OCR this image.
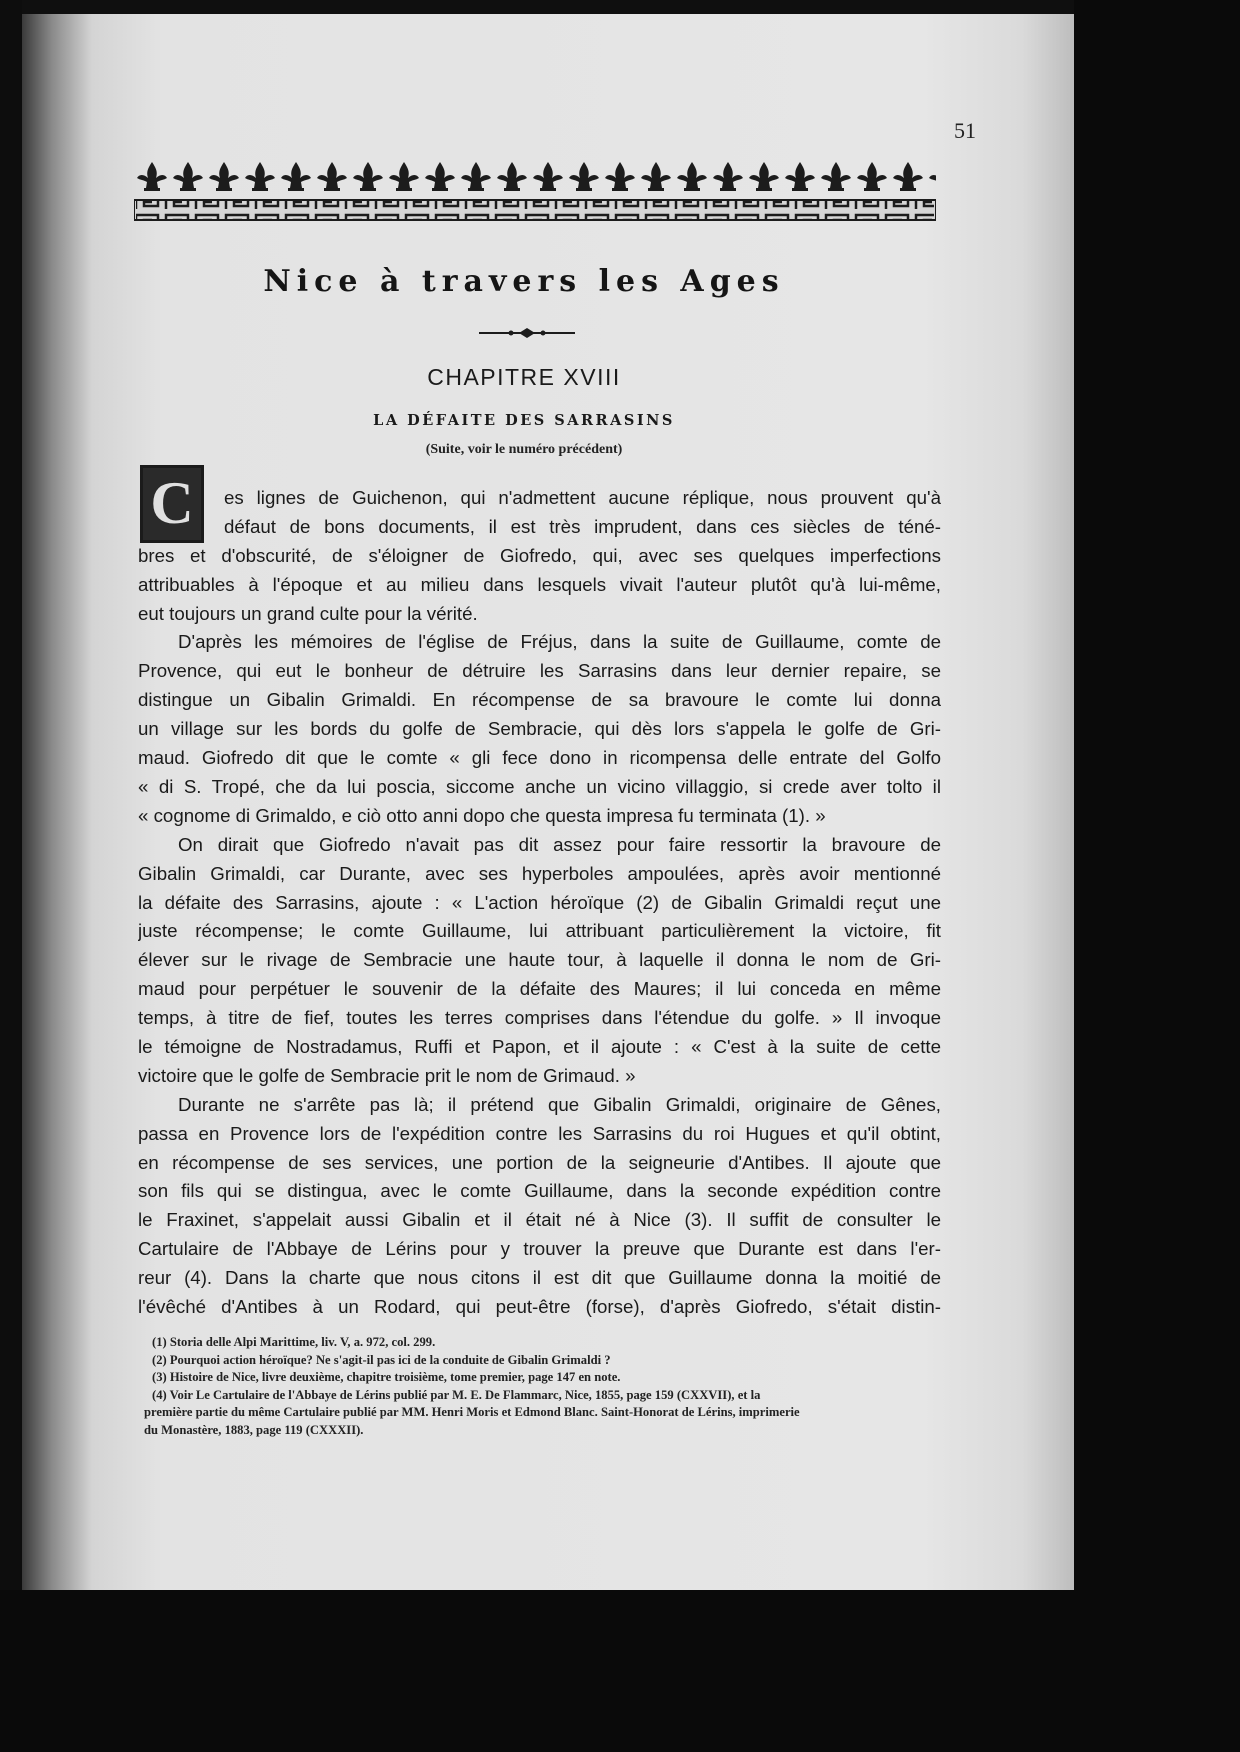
51
Nice à travers les Ages
CHAPITRE XVIII
LA DÉFAITE DES SARRASINS
(Suite, voir le numéro précédent)
C	es lignes de Guichenon, qui n'admettent aucune réplique, nous prouvent qu'à
défaut de bons documents, il est très imprudent, dans ces siècles de téné-
bres et d'obscurité, de s'éloigner de Giofredo, qui, avec ses quelques imperfections
attribuables à l'époque et au milieu dans lesquels vivait l'auteur plutôt qu'à lui-même,
eut toujours un grand culte pour la vérité.
D'après les mémoires de l'église de Fréjus, dans la suite de Guillaume, comte de
Provence, qui eut le bonheur de détruire les Sarrasins dans leur dernier repaire, se
distingue un Gibalin Grimaldi. En récompense de sa bravoure le comte lui donna
un village sur les bords du golfe de Sembracie, qui dès lors s'appela le golfe de Gri-
maud. Giofredo dit que le comte « gli fece dono in ricompensa delle entrate del Golfo
« di S. Tropé, che da lui poscia, siccome anche un vicino villaggio, si crede aver tolto il
« cognome di Grimaldo, e ciò otto anni dopo che questa impresa fu terminata (1). »
On dirait que Giofredo n'avait pas dit assez pour faire ressortir la bravoure de
Gibalin Grimaldi, car Durante, avec ses hyperboles ampoulées, après avoir mentionné
la défaite des Sarrasins, ajoute : « L'action héroïque (2) de Gibalin Grimaldi reçut une
juste récompense; le comte Guillaume, lui attribuant particulièrement la victoire, fit
élever sur le rivage de Sembracie une haute tour, à laquelle il donna le nom de Gri-
maud pour perpétuer le souvenir de la défaite des Maures; il lui conceda en même
temps, à titre de fief, toutes les terres comprises dans l'étendue du golfe. » Il invoque
le témoigne de Nostradamus, Ruffi et Papon, et il ajoute : « C'est à la suite de cette
victoire que le golfe de Sembracie prit le nom de Grimaud. »
Durante ne s'arrête pas là; il prétend que Gibalin Grimaldi, originaire de Gênes,
passa en Provence lors de l'expédition contre les Sarrasins du roi Hugues et qu'il obtint,
en récompense de ses services, une portion de la seigneurie d'Antibes. Il ajoute que
son fils qui se distingua, avec le comte Guillaume, dans la seconde expédition contre
le Fraxinet, s'appelait aussi Gibalin et il était né à Nice (3). Il suffit de consulter le
Cartulaire de l'Abbaye de Lérins pour y trouver la preuve que Durante est dans l'er-
reur (4). Dans la charte que nous citons il est dit que Guillaume donna la moitié de
l'évêché d'Antibes à un Rodard, qui peut-être (forse), d'après Giofredo, s'était distin-
(1) Storia delle Alpi Marittime, liv. V, a. 972, col. 299.
(2) Pourquoi action héroïque? Ne s'agit-il pas ici de la conduite de Gibalin Grimaldi ?
(3) Histoire de Nice, livre deuxième, chapitre troisième, tome premier, page 147 en note.
(4) Voir Le Cartulaire de l'Abbaye de Lérins publié par M. E. De Flammarc, Nice, 1855, page 159 (CXXVII), et la
première partie du même Cartulaire publié par MM. Henri Moris et Edmond Blanc. Saint-Honorat de Lérins, imprimerie
du Monastère, 1883, page 119 (CXXXII).
